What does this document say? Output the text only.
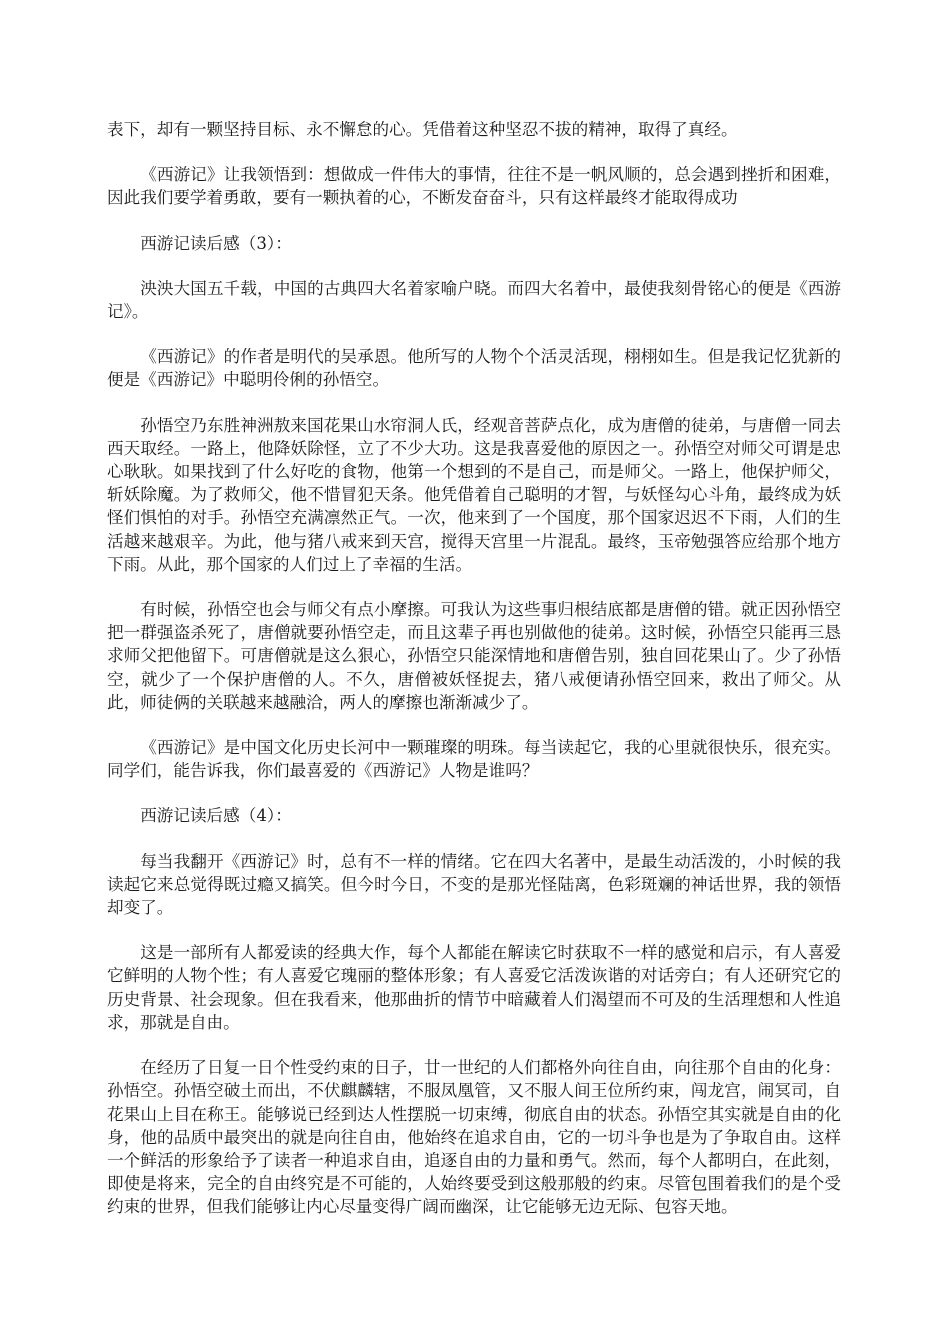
表下，却有一颗坚持目标、永不懈怠的心。凭借着这种坚忍不拔的精神，取得了真经。

《西游记》让我领悟到：想做成一件伟大的事情，往往不是一帆风顺的，总会遇到挫折和困难，因此我们要学着勇敢，要有一颗执着的心，不断发奋奋斗，只有这样最终才能取得成功

西游记读后感（3）：

泱泱大国五千载，中国的古典四大名着家喻户晓。而四大名着中，最使我刻骨铭心的便是《西游记》。

《西游记》的作者是明代的吴承恩。他所写的人物个个活灵活现，栩栩如生。但是我记忆犹新的便是《西游记》中聪明伶俐的孙悟空。

孙悟空乃东胜神洲敖来国花果山水帘洞人氏，经观音菩萨点化，成为唐僧的徒弟，与唐僧一同去西天取经。一路上，他降妖除怪，立了不少大功。这是我喜爱他的原因之一。孙悟空对师父可谓是忠心耿耿。如果找到了什么好吃的食物，他第一个想到的不是自己，而是师父。一路上，他保护师父，斩妖除魔。为了救师父，他不惜冒犯天条。他凭借着自己聪明的才智，与妖怪勾心斗角，最终成为妖怪们惧怕的对手。孙悟空充满凛然正气。一次，他来到了一个国度，那个国家迟迟不下雨，人们的生活越来越艰辛。为此，他与猪八戒来到天宫，搅得天宫里一片混乱。最终，玉帝勉强答应给那个地方下雨。从此，那个国家的人们过上了幸福的生活。

有时候，孙悟空也会与师父有点小摩擦。可我认为这些事归根结底都是唐僧的错。就正因孙悟空把一群强盗杀死了，唐僧就要孙悟空走，而且这辈子再也别做他的徒弟。这时候，孙悟空只能再三恳求师父把他留下。可唐僧就是这么狠心，孙悟空只能深情地和唐僧告别，独自回花果山了。少了孙悟空，就少了一个保护唐僧的人。不久，唐僧被妖怪捉去，猪八戒便请孙悟空回来，救出了师父。从此，师徒俩的关联越来越融洽，两人的摩擦也渐渐减少了。

《西游记》是中国文化历史长河中一颗璀璨的明珠。每当读起它，我的心里就很快乐，很充实。同学们，能告诉我，你们最喜爱的《西游记》人物是谁吗？

西游记读后感（4）：

每当我翻开《西游记》时，总有不一样的情绪。它在四大名著中，是最生动活泼的，小时候的我读起它来总觉得既过瘾又搞笑。但今时今日，不变的是那光怪陆离，色彩斑斓的神话世界，我的领悟却变了。

这是一部所有人都爱读的经典大作，每个人都能在解读它时获取不一样的感觉和启示，有人喜爱它鲜明的人物个性；有人喜爱它瑰丽的整体形象；有人喜爱它活泼诙谐的对话旁白；有人还研究它的历史背景、社会现象。但在我看来，他那曲折的情节中暗藏着人们渴望而不可及的生活理想和人性追求，那就是自由。

在经历了日复一日个性受约束的日子，廿一世纪的人们都格外向往自由，向往那个自由的化身：孙悟空。孙悟空破土而出，不伏麒麟辖，不服凤凰管，又不服人间王位所约束，闯龙宫，闹冥司，自花果山上目在称王。能够说已经到达人性摆脱一切束缚，彻底自由的状态。孙悟空其实就是自由的化身，他的品质中最突出的就是向往自由，他始终在追求自由，它的一切斗争也是为了争取自由。这样一个鲜活的形象给予了读者一种追求自由，追逐自由的力量和勇气。然而，每个人都明白，在此刻，即使是将来，完全的自由终究是不可能的，人始终要受到这般那般的约束。尽管包围着我们的是个受约束的世界，但我们能够让内心尽量变得广阔而幽深，让它能够无边无际、包容天地。
